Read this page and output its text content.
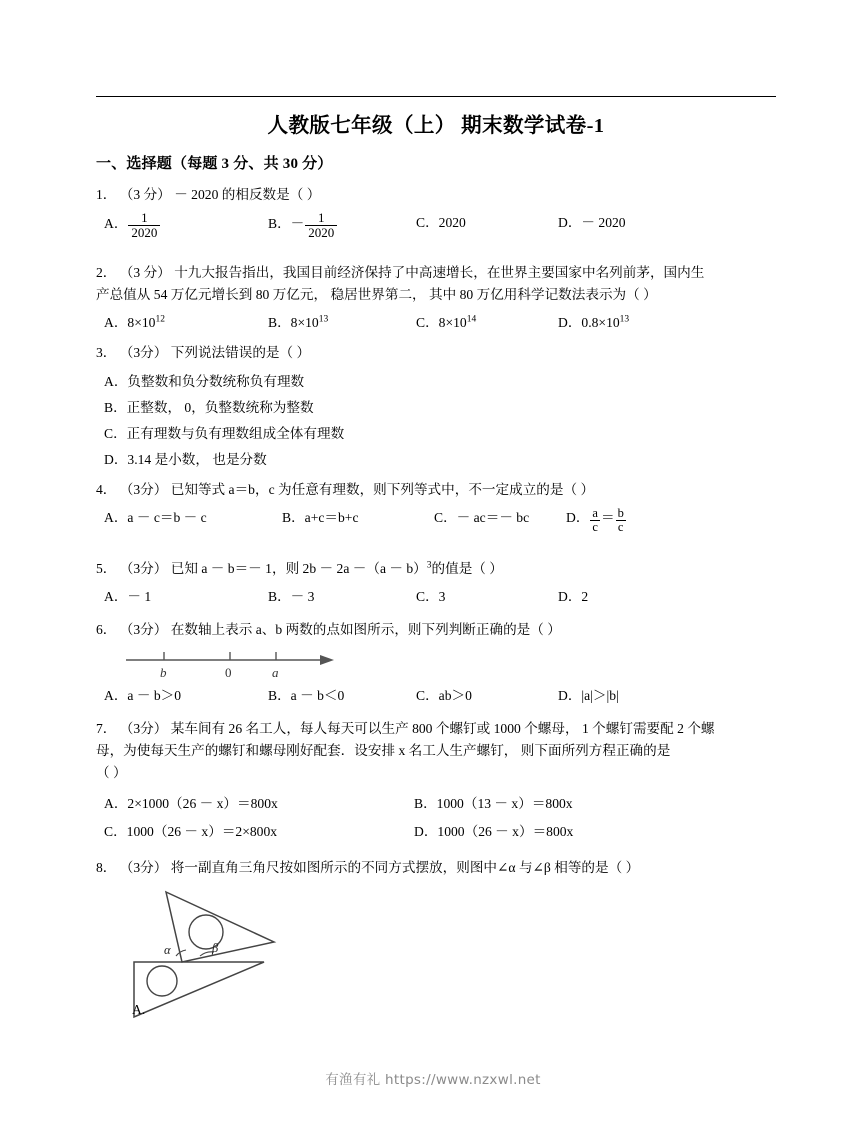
人教版七年级（上） 期末数学试卷-1
一、选择题（每题 3 分、共 30 分）
1． （3 分） － 2020 的相反数是（ ）
A． $\frac{1}{2020}$	B．－ $\frac{1}{2020}$	C．2020	D．－ 2020
2． （3 分） 十九大报告指出，我国目前经济保持了中高速增长，在世界主要国家中名列前茅，国内生
产总值从 54 万亿元增长到 80 万亿元， 稳居世界第二， 其中 80 万亿用科学记数法表示为（ ）
A．$8\times 10^{12}$	B．$8\times 10^{13}$	C．$8\times 10^{14}$	D．$0.8\times 10^{13}$
3． （3分） 下列说法错误的是（ ）
A．负整数和负分数统称负有理数
B．正整数， 0，负整数统称为整数
C．正有理数与负有理数组成全体有理数
D．3.14 是小数， 也是分数
4． （3分） 已知等式 a＝b，c 为任意有理数，则下列等式中，不一定成立的是（ ）
A．a － c＝b － c	B．a+c＝b+c	C．－ ac＝－ bc	D． $\frac{a}{c} = \frac{b}{c}$
5． （3分） 已知 a － b＝－ 1，则 $2b - 2a -(a - b)^3$的值是（ ）
A．－ 1	B．－ 3	C．3	D．2
6． （3分） 在数轴上表示 a、b 两数的点如图所示，则下列判断正确的是（ ）
b	0	a
A．a － b＞0	B．a － b＜0	C．ab＞0	D．|a|＞|b|
7． （3分） 某车间有 26 名工人，每人每天可以生产 800 个螺钉或 1000 个螺母， 1 个螺钉需要配 2 个螺
母，为使每天生产的螺钉和螺母刚好配套．设安排 x 名工人生产螺钉， 则下面所列方程正确的是
（ ）
A．2×1000（26 － x）＝800x	B．1000（13 － x）＝800x
C．1000（26 － x）＝2×800x	D．1000（26 － x）＝800x
8． （3分） 将一副直角三角尺按如图所示的不同方式摆放，则图中∠α 与∠β 相等的是（ ）
α	β
A.
有渔有礼 https://www.nzxwl.net
